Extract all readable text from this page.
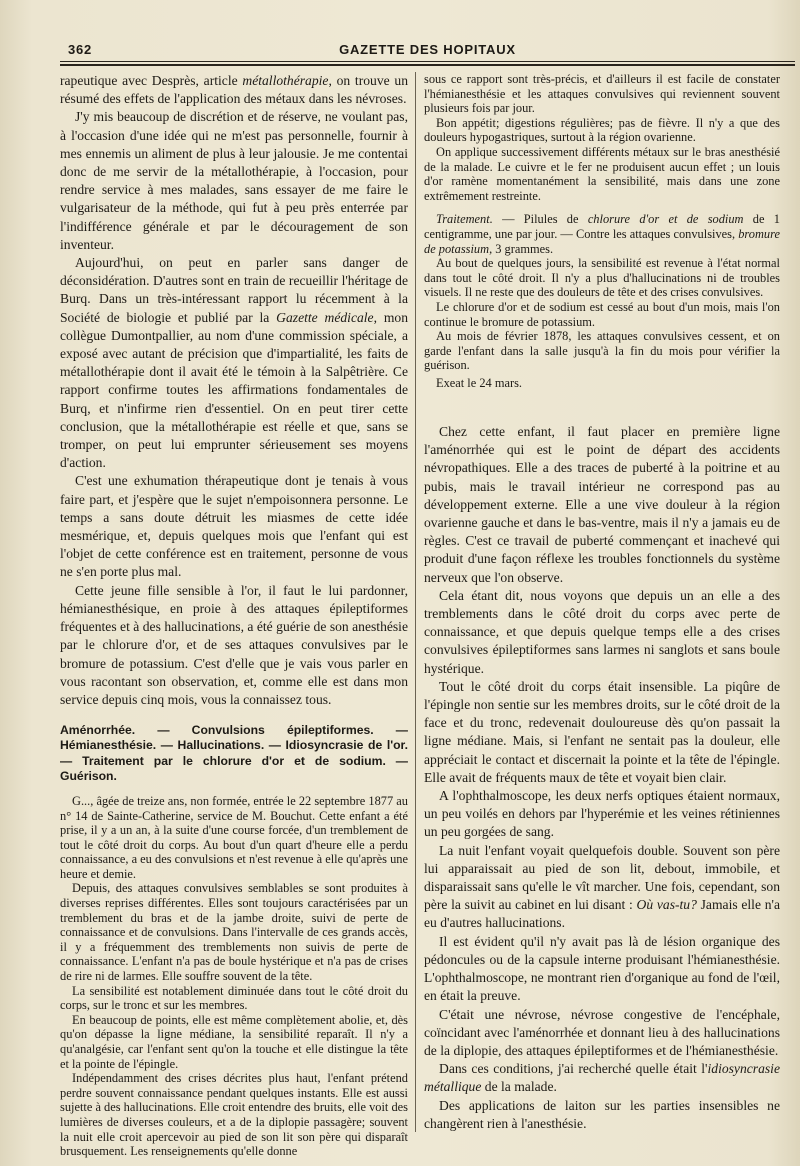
362	GAZETTE DES HOPITAUX

rapeutique avec Desprès, article métallothérapie, on trouve un résumé des effets de l'application des métaux dans les névroses.

J'y mis beaucoup de discrétion et de réserve, ne voulant pas, à l'occasion d'une idée qui ne m'est pas personnelle, fournir à mes ennemis un aliment de plus à leur jalousie. Je me contentai donc de me servir de la métallothérapie, à l'occasion, pour rendre service à mes malades, sans essayer de me faire le vulgarisateur de la méthode, qui fut à peu près enterrée par l'indifférence générale et par le découragement de son inventeur.

Aujourd'hui, on peut en parler sans danger de déconsidération. D'autres sont en train de recueillir l'héritage de Burq. Dans un très-intéressant rapport lu récemment à la Société de biologie et publié par la Gazette médicale, mon collègue Dumontpallier, au nom d'une commission spéciale, a exposé avec autant de précision que d'impartialité, les faits de métallothérapie dont il avait été le témoin à la Salpêtrière. Ce rapport confirme toutes les affirmations fondamentales de Burq, et n'infirme rien d'essentiel. On en peut tirer cette conclusion, que la métallothérapie est réelle et que, sans se tromper, on peut lui emprunter sérieusement ses moyens d'action.

C'est une exhumation thérapeutique dont je tenais à vous faire part, et j'espère que le sujet n'empoisonnera personne. Le temps a sans doute détruit les miasmes de cette idée mesmérique, et, depuis quelques mois que l'enfant qui est l'objet de cette conférence est en traitement, personne de vous ne s'en porte plus mal.

Cette jeune fille sensible à l'or, il faut le lui pardonner, hémianesthésique, en proie à des attaques épileptiformes fréquentes et à des hallucinations, a été guérie de son anesthésie par le chlorure d'or, et de ses attaques convulsives par le bromure de potassium. C'est d'elle que je vais vous parler en vous racontant son observation, et, comme elle est dans mon service depuis cinq mois, vous la connaissez tous.

Aménorrhée. — Convulsions épileptiformes. — Hémianesthésie. — Hallucinations. — Idiosyncrasie de l'or. — Traitement par le chlorure d'or et de sodium. — Guérison.

G..., âgée de treize ans, non formée, entrée le 22 septembre 1877 au n° 14 de Sainte-Catherine, service de M. Bouchut. Cette enfant a été prise, il y a un an, à la suite d'une course forcée, d'un tremblement de tout le côté droit du corps. Au bout d'un quart d'heure elle a perdu connaissance, a eu des convulsions et n'est revenue à elle qu'après une heure et demie.

Depuis, des attaques convulsives semblables se sont produites à diverses reprises différentes. Elles sont toujours caractérisées par un tremblement du bras et de la jambe droite, suivi de perte de connaissance et de convulsions. Dans l'intervalle de ces grands accès, il y a fréquemment des tremblements non suivis de perte de connaissance. L'enfant n'a pas de boule hystérique et n'a pas de crises de rire ni de larmes. Elle souffre souvent de la tête.

La sensibilité est notablement diminuée dans tout le côté droit du corps, sur le tronc et sur les membres.

En beaucoup de points, elle est même complètement abolie, et, dès qu'on dépasse la ligne médiane, la sensibilité reparaît. Il n'y a qu'analgésie, car l'enfant sent qu'on la touche et elle distingue la tête et la pointe de l'épingle.

Indépendamment des crises décrites plus haut, l'enfant prétend perdre souvent connaissance pendant quelques instants. Elle est aussi sujette à des hallucinations. Elle croit entendre des bruits, elle voit des lumières de diverses couleurs, et a de la diplopie passagère; souvent la nuit elle croit apercevoir au pied de son lit son père qui disparaît brusquement. Les renseignements qu'elle donne

sous ce rapport sont très-précis, et d'ailleurs il est facile de constater l'hémianesthésie et les attaques convulsives qui reviennent souvent plusieurs fois par jour.

Bon appétit; digestions régulières; pas de fièvre. Il n'y a que des douleurs hypogastriques, surtout à la région ovarienne.

On applique successivement différents métaux sur le bras anesthésié de la malade. Le cuivre et le fer ne produisent aucun effet ; un louis d'or ramène momentanément la sensibilité, mais dans une zone extrêmement restreinte.

Traitement. — Pilules de chlorure d'or et de sodium de 1 centigramme, une par jour. — Contre les attaques convulsives, bromure de potassium, 3 grammes.

Au bout de quelques jours, la sensibilité est revenue à l'état normal dans tout le côté droit. Il n'y a plus d'hallucinations ni de troubles visuels. Il ne reste que des douleurs de tête et des crises convulsives.

Le chlorure d'or et de sodium est cessé au bout d'un mois, mais l'on continue le bromure de potassium.

Au mois de février 1878, les attaques convulsives cessent, et on garde l'enfant dans la salle jusqu'à la fin du mois pour vérifier la guérison.

Exeat le 24 mars.

Chez cette enfant, il faut placer en première ligne l'aménorrhée qui est le point de départ des accidents névropathiques. Elle a des traces de puberté à la poitrine et au pubis, mais le travail intérieur ne correspond pas au développement externe. Elle a une vive douleur à la région ovarienne gauche et dans le bas-ventre, mais il n'y a jamais eu de règles. C'est ce travail de puberté commençant et inachevé qui produit d'une façon réflexe les troubles fonctionnels du système nerveux que l'on observe.

Cela étant dit, nous voyons que depuis un an elle a des tremblements dans le côté droit du corps avec perte de connaissance, et que depuis quelque temps elle a des crises convulsives épileptiformes sans larmes ni sanglots et sans boule hystérique.

Tout le côté droit du corps était insensible. La piqûre de l'épingle non sentie sur les membres droits, sur le côté droit de la face et du tronc, redevenait douloureuse dès qu'on passait la ligne médiane. Mais, si l'enfant ne sentait pas la douleur, elle appréciait le contact et discernait la pointe et la tête de l'épingle. Elle avait de fréquents maux de tête et voyait bien clair.

A l'ophthalmoscope, les deux nerfs optiques étaient normaux, un peu voilés en dehors par l'hyperémie et les veines rétiniennes un peu gorgées de sang.

La nuit l'enfant voyait quelquefois double. Souvent son père lui apparaissait au pied de son lit, debout, immobile, et disparaissait sans qu'elle le vît marcher. Une fois, cependant, son père la suivit au cabinet en lui disant : Où vas-tu? Jamais elle n'a eu d'autres hallucinations.

Il est évident qu'il n'y avait pas là de lésion organique des pédoncules ou de la capsule interne produisant l'hémianesthésie. L'ophthalmoscope, ne montrant rien d'organique au fond de l'œil, en était la preuve.

C'était une névrose, névrose congestive de l'encéphale, coïncidant avec l'aménorrhée et donnant lieu à des hallucinations de la diplopie, des attaques épileptiformes et de l'hémianesthésie.

Dans ces conditions, j'ai recherché quelle était l'idiosyncrasie métallique de la malade.

Des applications de laiton sur les parties insensibles ne changèrent rien à l'anesthésie.
